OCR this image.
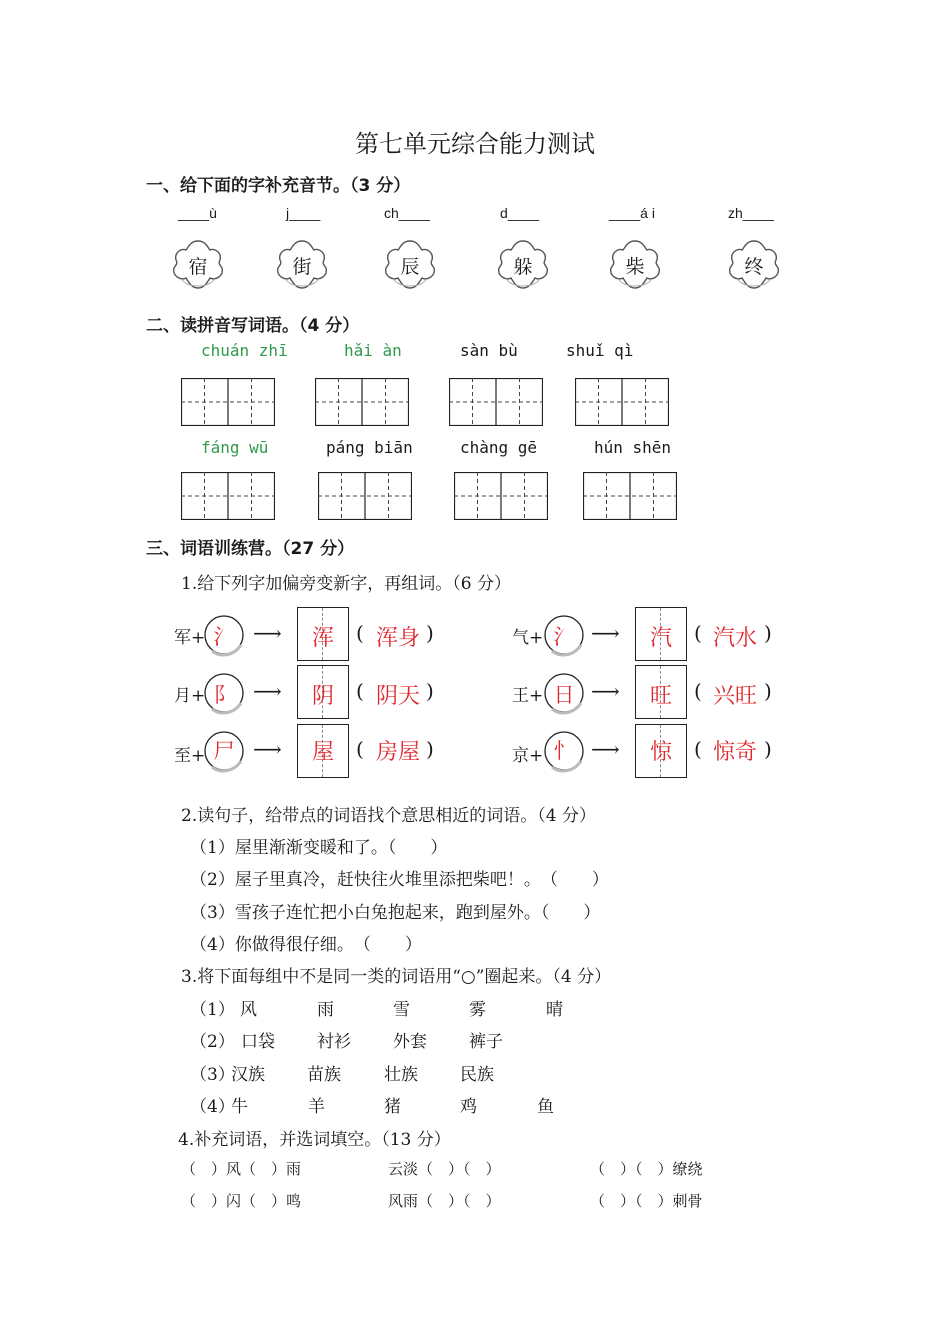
第七单元综合能力测试
一、给下面的字补充音节。（3 分）
____ù
宿
j____
街
ch____
辰
d____
躲
____á i
柴
zh____
终
二、读拼音写词语。（4 分）
chuán zhī	hǎi àn	sàn bù	shuǐ qì
fáng wū	páng biān	chàng gē	hún shēn
三、词语训练营。（27 分）
1.给下列字加偏旁变新字，再组词。（6 分）
军+ 氵 ⟶	浑	( 浑身 )
月+ 阝 ⟶	阴	( 阴天 )
至+ 尸 ⟶	屋	( 房屋 )
气+ 氵 ⟶	汽	( 汽水 )
王+ 日 ⟶	旺	( 兴旺 )
京+ 忄 ⟶	惊	( 惊奇 )
2.读句子，给带点的词语找个意思相近的词语。（4 分）
（1）屋里渐渐变暖和了。（　　）
（2）屋子里真冷，赶快往火堆里添把柴吧！。　（　　）
（3）雪孩子连忙把小白兔抱起来，跑到屋外。（　　）
（4）你做得很仔细。　（　　）
3.将下面每组中不是同一类的词语用“○”圈起来。（4 分）
（1） 风	雨	雪	雾	晴
（2） 口袋 衬衫 外套 裤子
（3）
汉族 苗族	壮族 民族
（4）
牛	羊	猪	鸡	鱼
4.补充词语，并选词填空。（13 分）
（　）风（　）雨	云淡（　）（　）	（　）（　）缭绕
（　）闪（　）鸣	风雨（　）（　）	（　）（　）刺骨
